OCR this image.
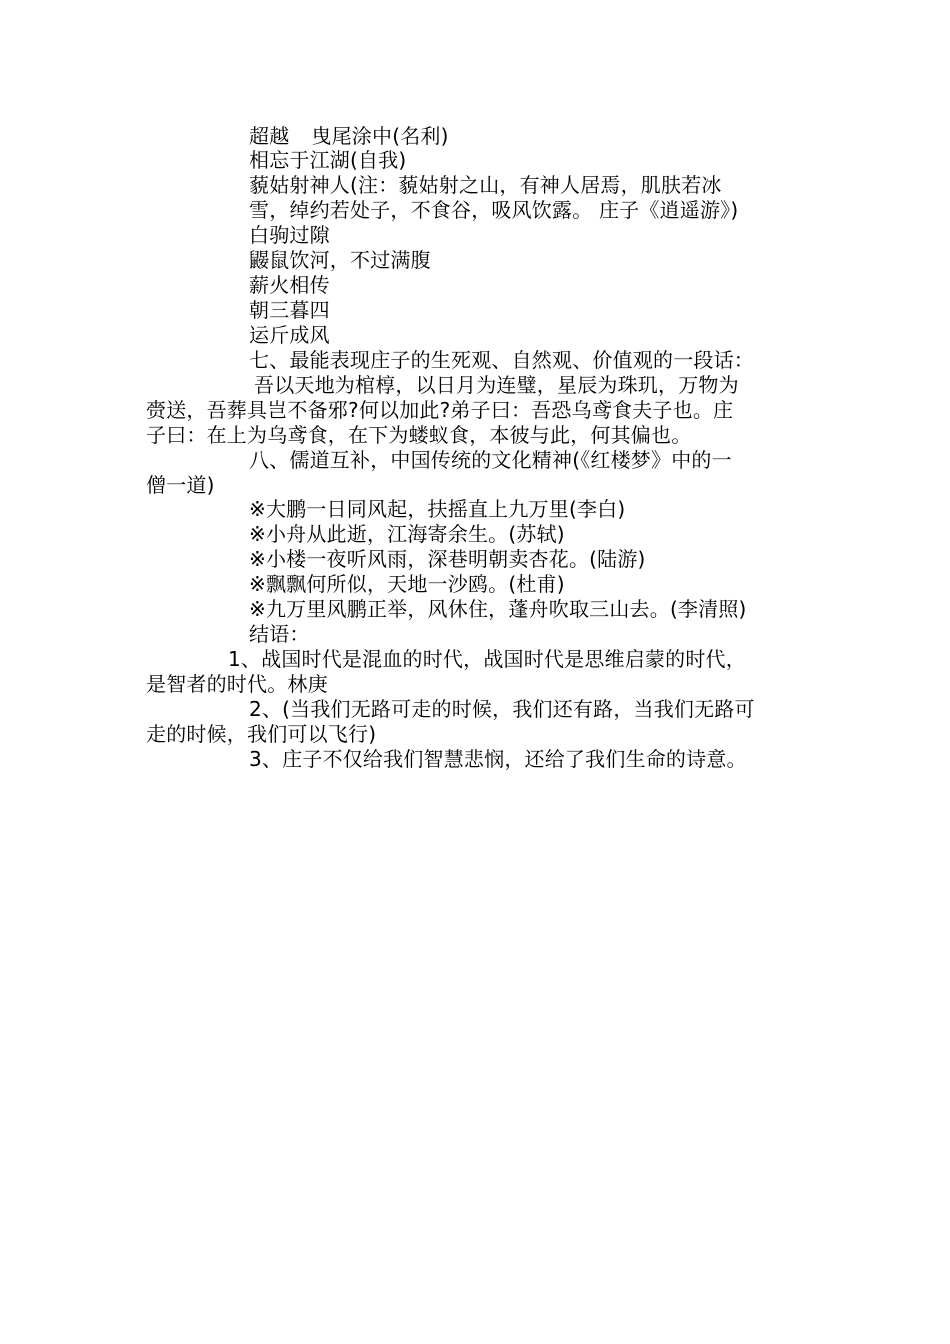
超越 曳尾涂中(名利)
相忘于江湖(自我)
藐姑射神人(注：藐姑射之山，有神人居焉，肌肤若冰
雪，绰约若处子，不食谷，吸风饮露。 庄子《逍遥游》)
白驹过隙
鼹鼠饮河，不过满腹
薪火相传
朝三暮四
运斤成风
七、最能表现庄子的生死观、自然观、价值观的一段话：
吾以天地为棺椁，以日月为连璧，星辰为珠玑，万物为
赍送，吾葬具岂不备邪?何以加此?弟子曰：吾恐乌鸢食夫子也。庄
子曰：在上为乌鸢食，在下为蝼蚁食，本彼与此，何其偏也。
八、儒道互补，中国传统的文化精神(《红楼梦》中的一
僧一道)
※大鹏一日同风起，扶摇直上九万里(李白)
※小舟从此逝，江海寄余生。(苏轼)
※小楼一夜听风雨，深巷明朝卖杏花。(陆游)
※飘飘何所似，天地一沙鸥。(杜甫)
※九万里风鹏正举，风休住，蓬舟吹取三山去。(李清照)
结语：
1、战国时代是混血的时代，战国时代是思维启蒙的时代，
是智者的时代。林庚
2、(当我们无路可走的时候，我们还有路，当我们无路可
走的时候，我们可以飞行)
3、庄子不仅给我们智慧悲悯，还给了我们生命的诗意。
